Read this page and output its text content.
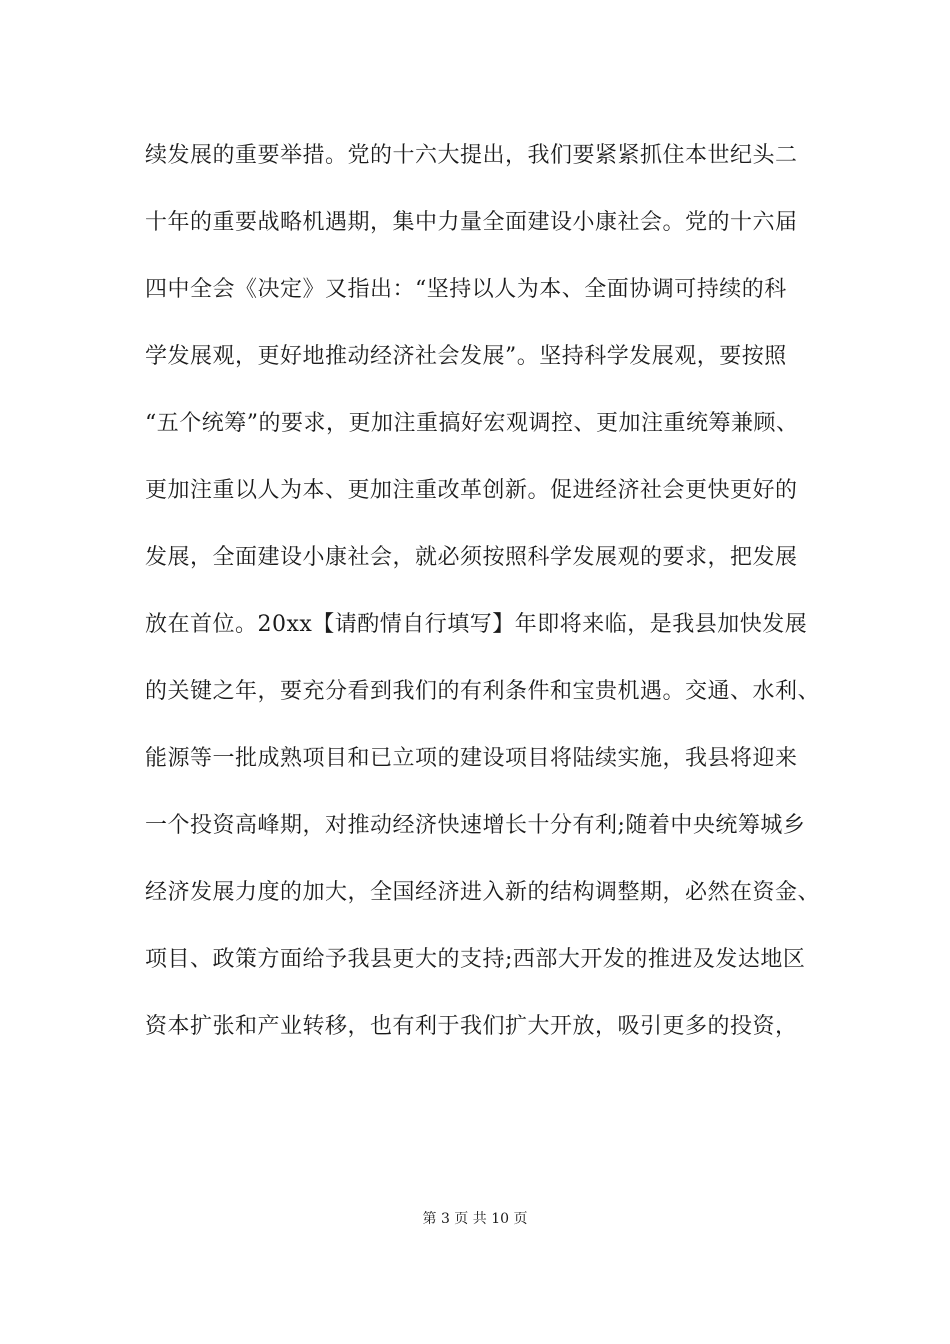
续发展的重要举措。党的十六大提出，我们要紧紧抓住本世纪头二
十年的重要战略机遇期，集中力量全面建设小康社会。党的十六届
四中全会《决定》又指出：“坚持以人为本、全面协调可持续的科
学发展观，更好地推动经济社会发展”。坚持科学发展观，要按照
“五个统筹”的要求，更加注重搞好宏观调控、更加注重统筹兼顾、
更加注重以人为本、更加注重改革创新。促进经济社会更快更好的
发展，全面建设小康社会，就必须按照科学发展观的要求，把发展
放在首位。20xx【请酌情自行填写】年即将来临，是我县加快发展
的关键之年，要充分看到我们的有利条件和宝贵机遇。交通、水利、
能源等一批成熟项目和已立项的建设项目将陆续实施，我县将迎来
一个投资高峰期，对推动经济快速增长十分有利;随着中央统筹城乡
经济发展力度的加大，全国经济进入新的结构调整期，必然在资金、
项目、政策方面给予我县更大的支持;西部大开发的推进及发达地区
资本扩张和产业转移，也有利于我们扩大开放，吸引更多的投资，
第 3 页 共 10 页
